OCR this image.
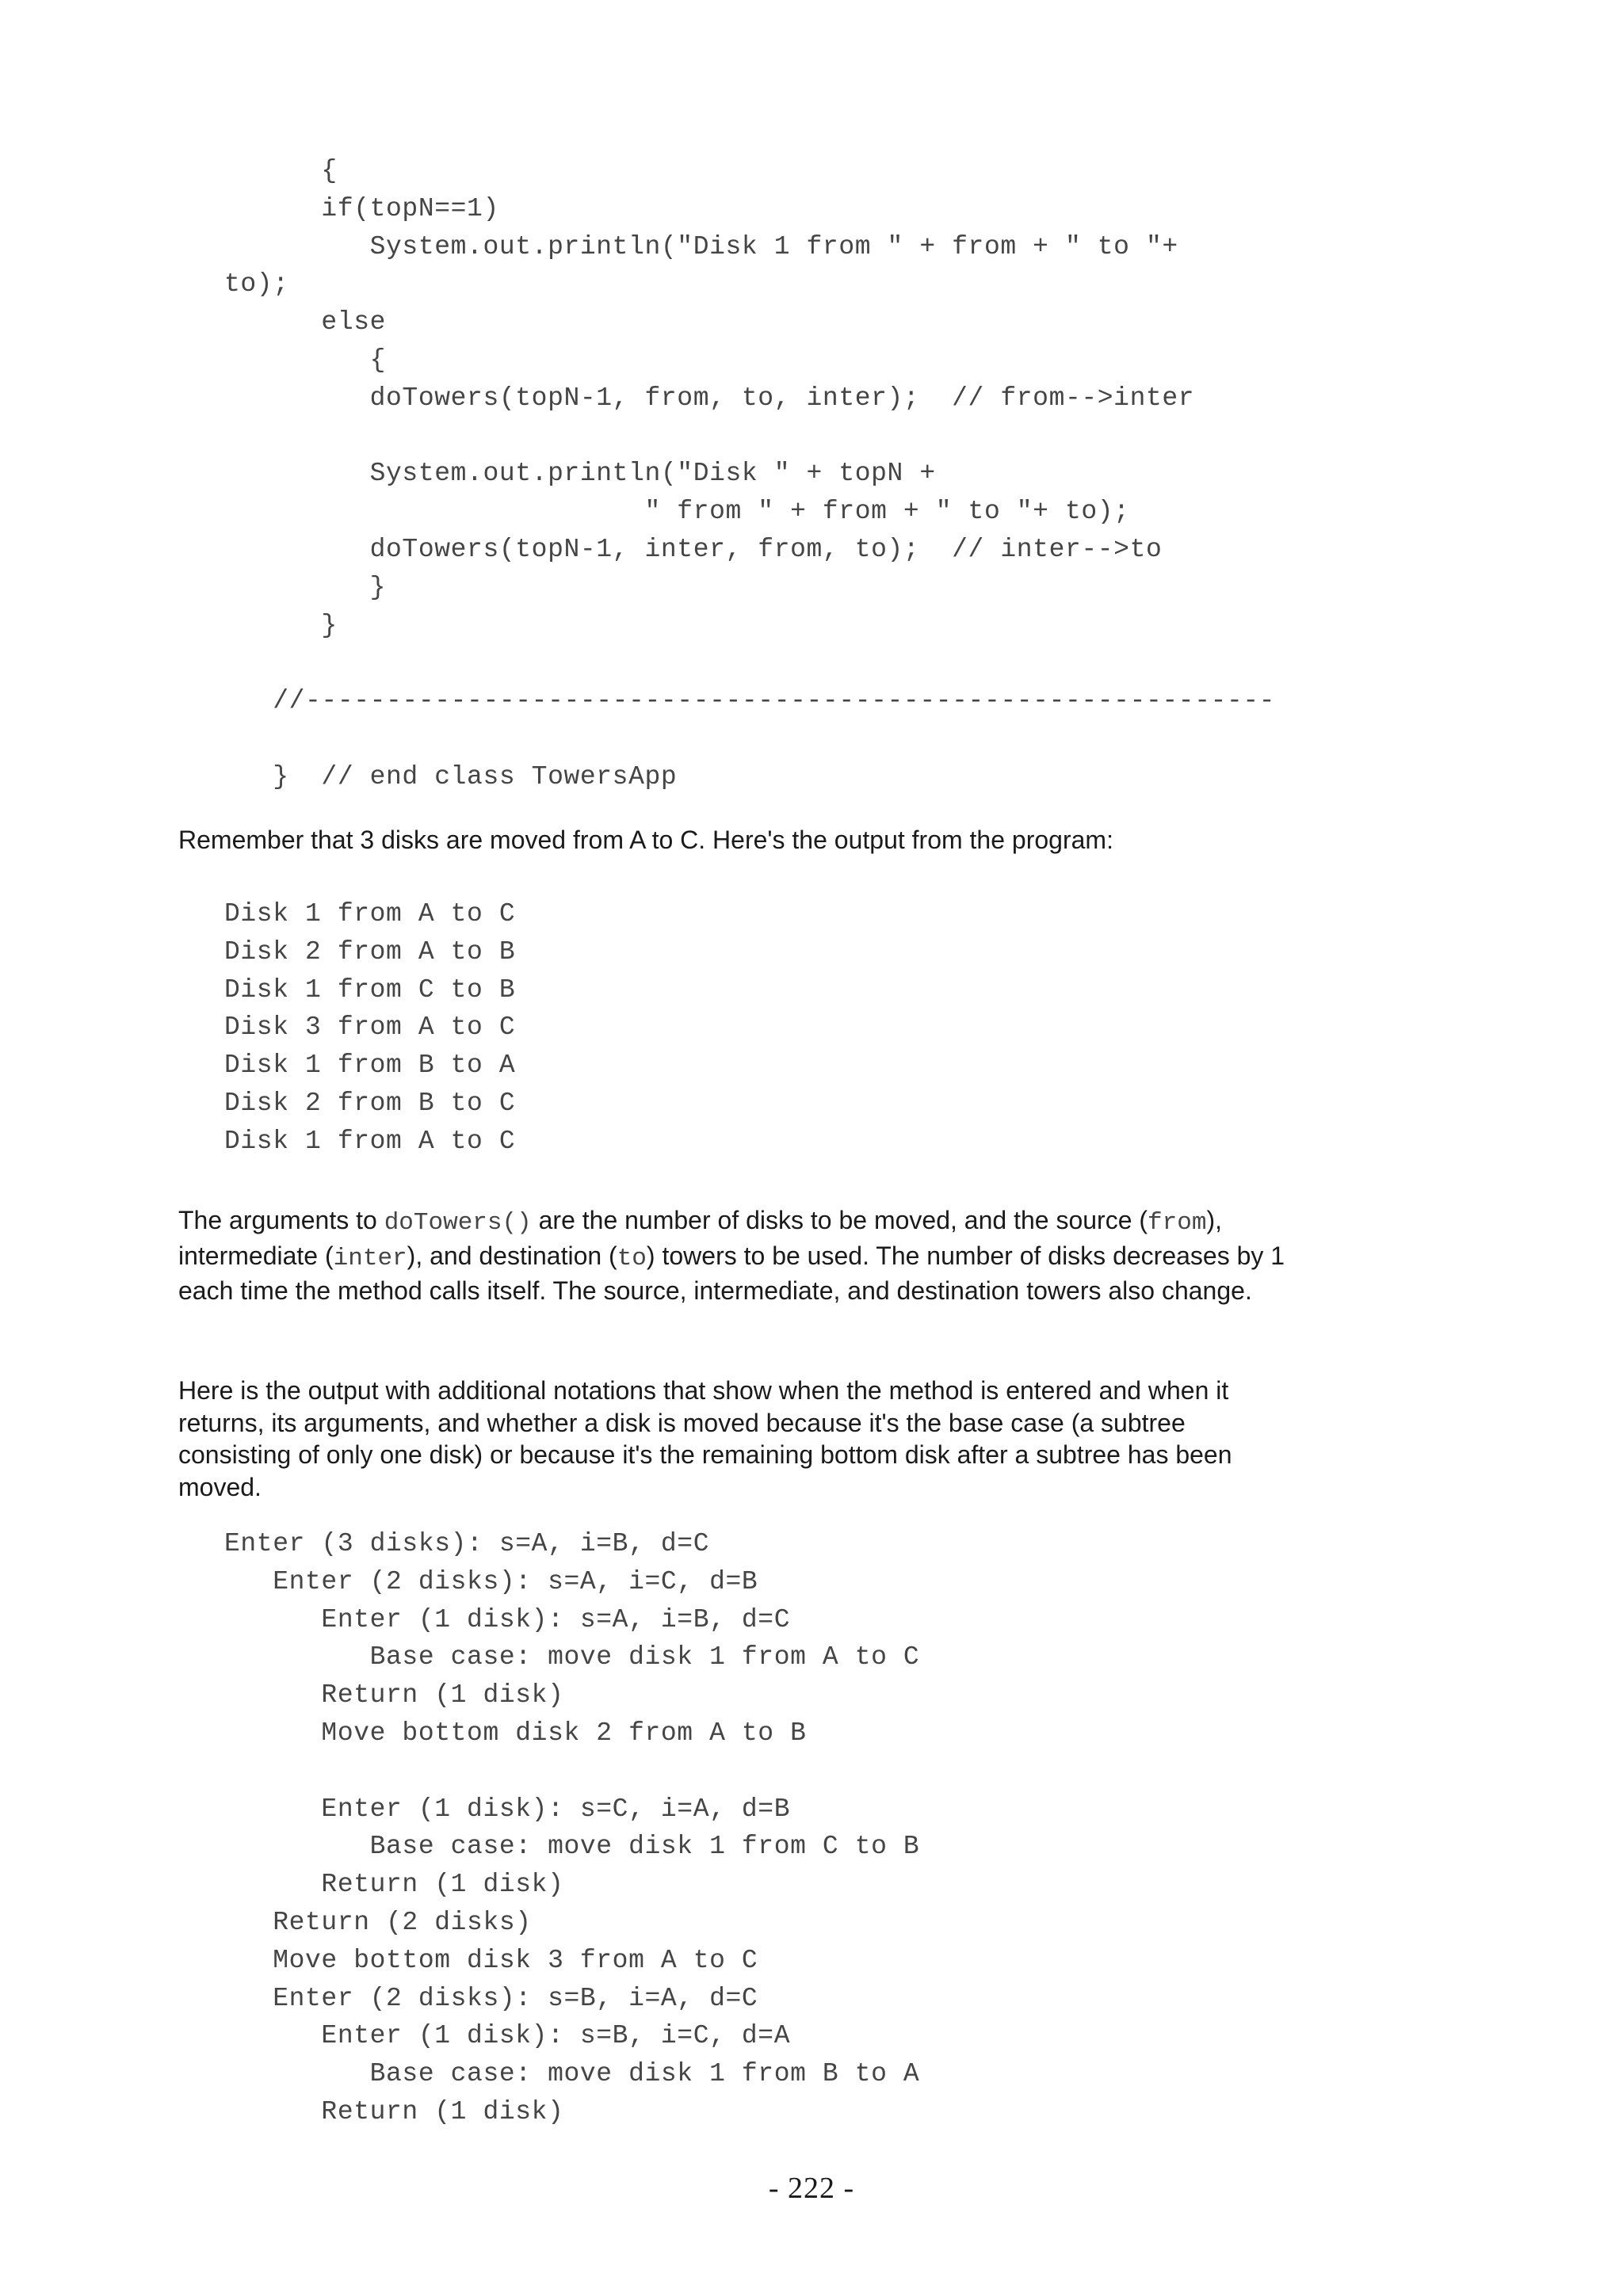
{
if(topN==1)
System.out.println("Disk 1 from " + from + " to "+
to);
else
{
doTowers(topN-1, from, to, inter);  // from-->inter

System.out.println("Disk " + topN +
" from " + from + " to "+ to);
doTowers(topN-1, inter, from, to);  // inter-->to
}
}

//------------------------------------------------------------

}  // end class TowersApp

Remember that 3 disks are moved from A to C. Here's the output from the program:

Disk 1 from A to C
Disk 2 from A to B
Disk 1 from C to B
Disk 3 from A to C
Disk 1 from B to A
Disk 2 from B to C
Disk 1 from A to C

The arguments to doTowers() are the number of disks to be moved, and the source (from), intermediate (inter), and destination (to) towers to be used. The number of disks decreases by 1 each time the method calls itself. The source, intermediate, and destination towers also change.

Here is the output with additional notations that show when the method is entered and when it returns, its arguments, and whether a disk is moved because it's the base case (a subtree consisting of only one disk) or because it's the remaining bottom disk after a subtree has been moved.

Enter (3 disks): s=A, i=B, d=C
Enter (2 disks): s=A, i=C, d=B
Enter (1 disk): s=A, i=B, d=C
Base case: move disk 1 from A to C
Return (1 disk)
Move bottom disk 2 from A to B

Enter (1 disk): s=C, i=A, d=B
Base case: move disk 1 from C to B
Return (1 disk)
Return (2 disks)
Move bottom disk 3 from A to C
Enter (2 disks): s=B, i=A, d=C
Enter (1 disk): s=B, i=C, d=A
Base case: move disk 1 from B to A
Return (1 disk)
- 222 -
